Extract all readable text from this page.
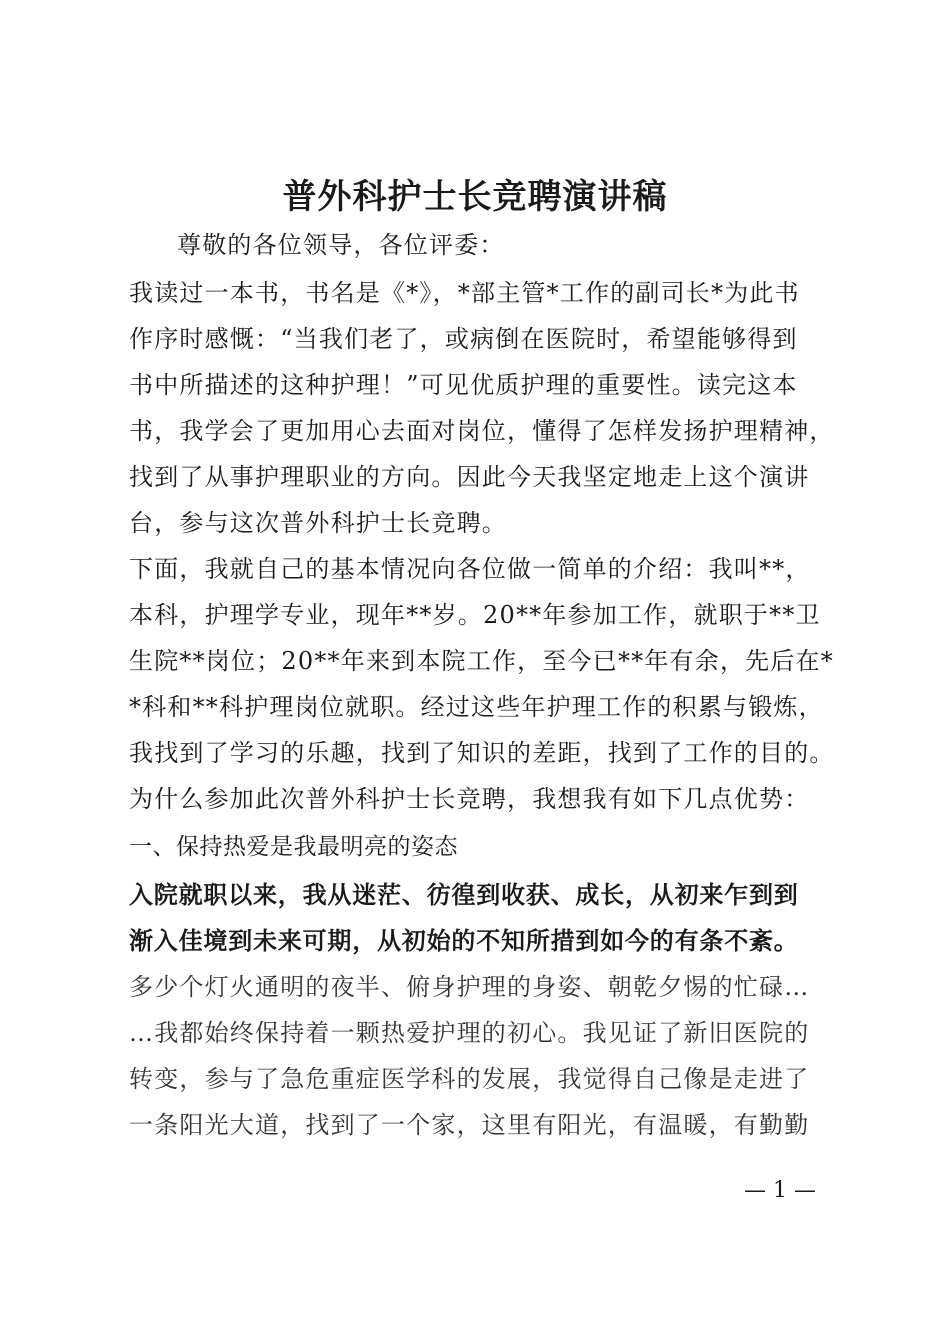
普外科护士长竞聘演讲稿
尊敬的各位领导，各位评委：
我读过一本书，书名是《*》，*部主管*工作的副司长*为此书
作序时感慨：“当我们老了，或病倒在医院时，希望能够得到
书中所描述的这种护理！”可见优质护理的重要性。读完这本
书，我学会了更加用心去面对岗位，懂得了怎样发扬护理精神，
找到了从事护理职业的方向。因此今天我坚定地走上这个演讲
台，参与这次普外科护士长竞聘。
下面，我就自己的基本情况向各位做一简单的介绍：我叫**，
本科，护理学专业，现年**岁。20**年参加工作，就职于**卫
生院**岗位；20**年来到本院工作，至今已**年有余，先后在*
*科和**科护理岗位就职。经过这些年护理工作的积累与锻炼，
我找到了学习的乐趣，找到了知识的差距，找到了工作的目的。
为什么参加此次普外科护士长竞聘，我想我有如下几点优势：
一、保持热爱是我最明亮的姿态
入院就职以来，我从迷茫、彷徨到收获、成长，从初来乍到到
渐入佳境到未来可期，从初始的不知所措到如今的有条不紊。
多少个灯火通明的夜半、俯身护理的身姿、朝乾夕惕的忙碌…
…我都始终保持着一颗热爱护理的初心。我见证了新旧医院的
转变，参与了急危重症医学科的发展，我觉得自己像是走进了
一条阳光大道，找到了一个家，这里有阳光，有温暖，有勤勤
— 1 —
